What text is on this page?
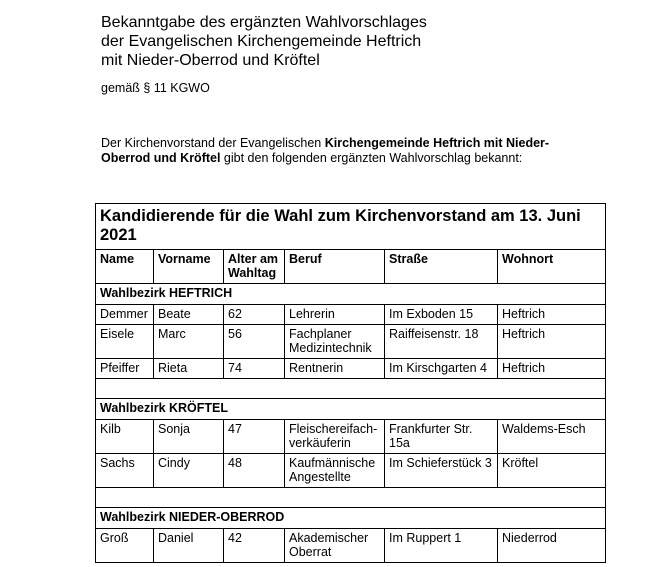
Bekanntgabe des ergänzten Wahlvorschlages
der Evangelischen Kirchengemeinde Heftrich
mit Nieder-Oberrod und Kröftel
gemäß § 11 KGWO
Der Kirchenvorstand der Evangelischen Kirchengemeinde Heftrich mit Nieder-Oberrod und Kröftel gibt den folgenden ergänzten Wahlvorschlag bekannt:
Kandidierende für die Wahl zum Kirchenvorstand am 13. Juni 2021					
Name	Vorname	Alter am Wahltag	Beruf	Straße	Wohnort
Wahlbezirk HEFTRICH					
Demmer	Beate	62	Lehrerin	Im Exboden 15	Heftrich
Eisele	Marc	56	Fachplaner Medizintechnik	Raiffeisenstr. 18	Heftrich
Pfeiffer	Rieta	74	Rentnerin	Im Kirschgarten 4	Heftrich

Wahlbezirk KRÖFTEL					
Kilb	Sonja	47	Fleischereifach-verkäuferin	Frankfurter Str. 15a	Waldems-Esch
Sachs	Cindy	48	Kaufmännische Angestellte	Im Schieferstück 3	Kröftel

Wahlbezirk NIEDER-OBERROD					
Groß	Daniel	42	Akademischer Oberrat	Im Ruppert 1	Niederrod
